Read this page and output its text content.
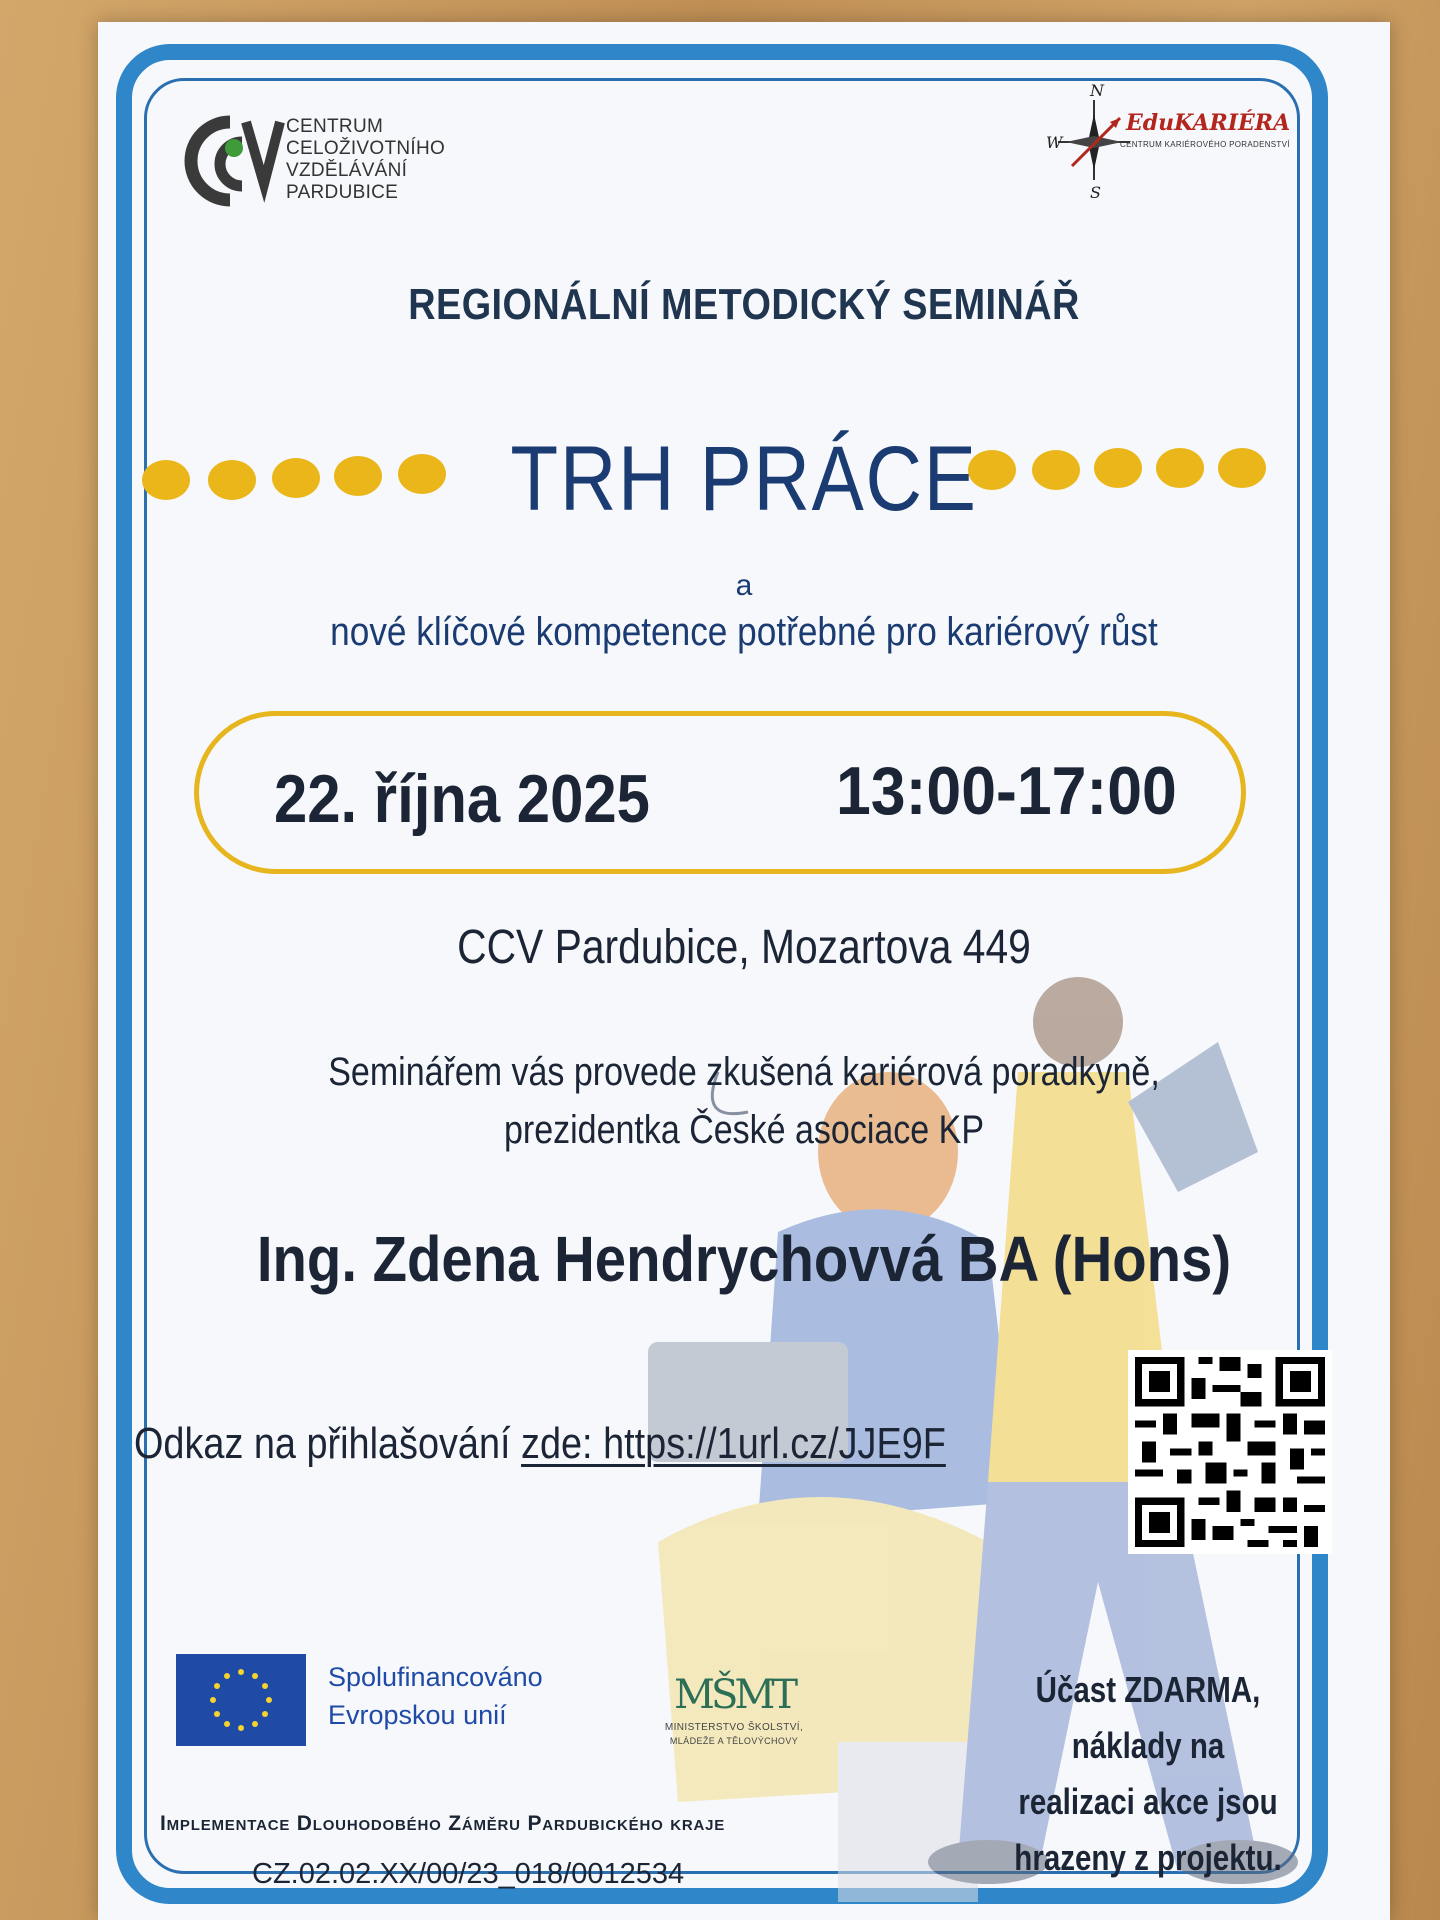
CENTRUM
CELOŽIVOTNÍHO
VZDĚLÁVÁNÍ
PARDUBICE
N
W
S
EduKARIÉRA
CENTRUM KARIÉROVÉHO PORADENSTVÍ
REGIONÁLNÍ METODICKÝ SEMINÁŘ
TRH PRÁCE
a
nové klíčové kompetence potřebné pro kariérový růst
22. října 2025	13:00-17:00
CCV Pardubice, Mozartova 449
Seminářem vás provede zkušená kariérová poradkyně,
prezidentka České asociace KP
Ing. Zdena Hendrychovvá BA (Hons)
Odkaz na přihlašování zde: https://1url.cz/JJE9F
Spolufinancováno
Evropskou unií	MŠMT
MINISTERSTVO ŠKOLSTVÍ,
MLÁDEŽE A TĚLOVÝCHOVY
Účast ZDARMA, náklady na
realizaci akce jsou
hrazeny z projektu.
Implementace Dlouhodobého Záměru Pardubického kraje
CZ.02.02.XX/00/23_018/0012534
